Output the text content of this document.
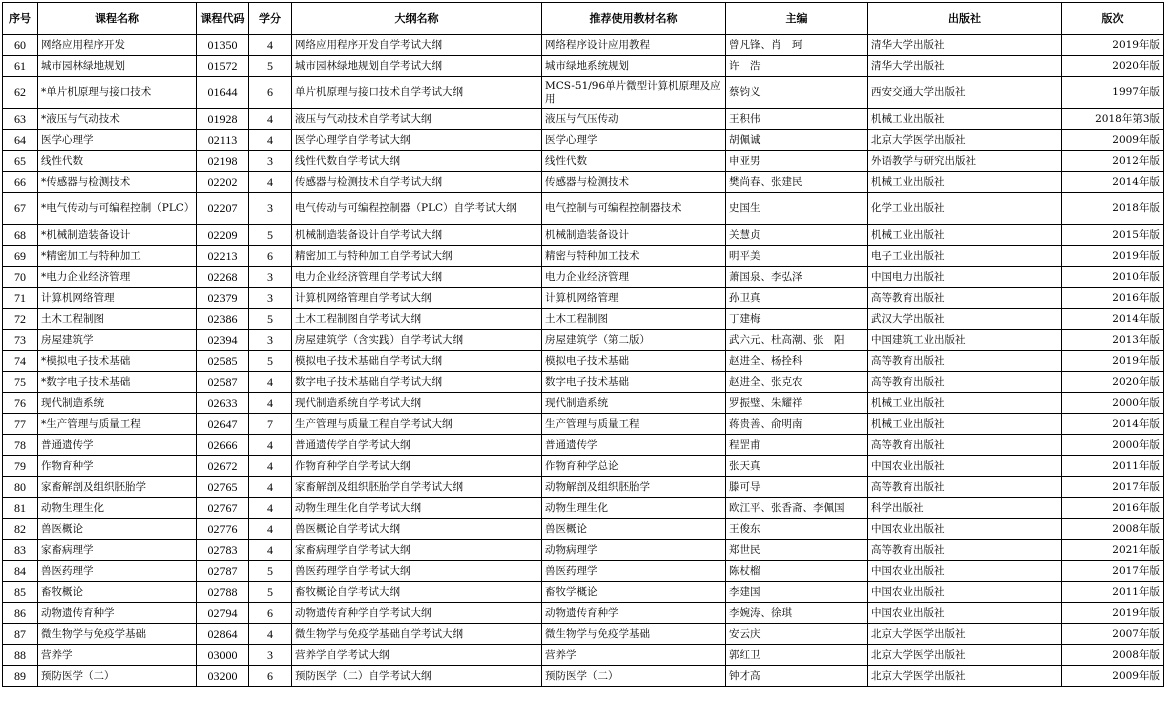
序号	课程名称	课程代码	学分	大纲名称	推荐使用教材名称	主编	出版社	版次
60	网络应用程序开发	01350	4	网络应用程序开发自学考试大纲	网络程序设计应用教程	曾凡锋、肖　珂	清华大学出版社	2019年版
61	城市园林绿地规划	01572	5	城市园林绿地规划自学考试大纲	城市绿地系统规划	许　浩	清华大学出版社	2020年版
62	*单片机原理与接口技术	01644	6	单片机原理与接口技术自学考试大纲	MCS-51/96单片微型计算机原理及应用	蔡钧义	西安交通大学出版社	1997年版
63	*液压与气动技术	01928	4	液压与气动技术自学考试大纲	液压与气压传动	王积伟	机械工业出版社	2018年第3版
64	医学心理学	02113	4	医学心理学自学考试大纲	医学心理学	胡佩诚	北京大学医学出版社	2009年版
65	线性代数	02198	3	线性代数自学考试大纲	线性代数	申亚男	外语教学与研究出版社	2012年版
66	*传感器与检测技术	02202	4	传感器与检测技术自学考试大纲	传感器与检测技术	樊尚春、张建民	机械工业出版社	2014年版
67	*电气传动与可编程控制（PLC）	02207	3	电气传动与可编程控制器（PLC）自学考试大纲	电气控制与可编程控制器技术	史国生	化学工业出版社	2018年版
68	*机械制造装备设计	02209	5	机械制造装备设计自学考试大纲	机械制造装备设计	关慧贞	机械工业出版社	2015年版
69	*精密加工与特种加工	02213	6	精密加工与特种加工自学考试大纲	精密与特种加工技术	明平美	电子工业出版社	2019年版
70	*电力企业经济管理	02268	3	电力企业经济管理自学考试大纲	电力企业经济管理	萧国泉、李弘泽	中国电力出版社	2010年版
71	计算机网络管理	02379	3	计算机网络管理自学考试大纲	计算机网络管理	孙卫真	高等教育出版社	2016年版
72	土木工程制图	02386	5	土木工程制图自学考试大纲	土木工程制图	丁建梅	武汉大学出版社	2014年版
73	房屋建筑学	02394	3	房屋建筑学（含实践）自学考试大纲	房屋建筑学（第二版）	武六元、杜高潮、张　阳	中国建筑工业出版社	2013年版
74	*模拟电子技术基础	02585	5	模拟电子技术基础自学考试大纲	模拟电子技术基础	赵进全、杨拴科	高等教育出版社	2019年版
75	*数字电子技术基础	02587	4	数字电子技术基础自学考试大纲	数字电子技术基础	赵进全、张克农	高等教育出版社	2020年版
76	现代制造系统	02633	4	现代制造系统自学考试大纲	现代制造系统	罗振璧、朱耀祥	机械工业出版社	2000年版
77	*生产管理与质量工程	02647	7	生产管理与质量工程自学考试大纲	生产管理与质量工程	蒋贵善、俞明南	机械工业出版社	2014年版
78	普通遗传学	02666	4	普通遗传学自学考试大纲	普通遗传学	程罡甫	高等教育出版社	2000年版
79	作物育种学	02672	4	作物育种学自学考试大纲	作物育种学总论	张天真	中国农业出版社	2011年版
80	家畜解剖及组织胚胎学	02765	4	家畜解剖及组织胚胎学自学考试大纲	动物解剖及组织胚胎学	滕可导	高等教育出版社	2017年版
81	动物生理生化	02767	4	动物生理生化自学考试大纲	动物生理生化	欧江平、张香斋、李佩国	科学出版社	2016年版
82	兽医概论	02776	4	兽医概论自学考试大纲	兽医概论	王俊东	中国农业出版社	2008年版
83	家畜病理学	02783	4	家畜病理学自学考试大纲	动物病理学	郑世民	高等教育出版社	2021年版
84	兽医药理学	02787	5	兽医药理学自学考试大纲	兽医药理学	陈杖榴	中国农业出版社	2017年版
85	畜牧概论	02788	5	畜牧概论自学考试大纲	畜牧学概论	李建国	中国农业出版社	2011年版
86	动物遗传育种学	02794	6	动物遗传育种学自学考试大纲	动物遗传育种学	李婉涛、徐琪	中国农业出版社	2019年版
87	微生物学与免疫学基础	02864	4	微生物学与免疫学基础自学考试大纲	微生物学与免疫学基础	安云庆	北京大学医学出版社	2007年版
88	营养学	03000	3	营养学自学考试大纲	营养学	郭红卫	北京大学医学出版社	2008年版
89	预防医学（二）	03200	6	预防医学（二）自学考试大纲	预防医学（二）	钟才高	北京大学医学出版社	2009年版
